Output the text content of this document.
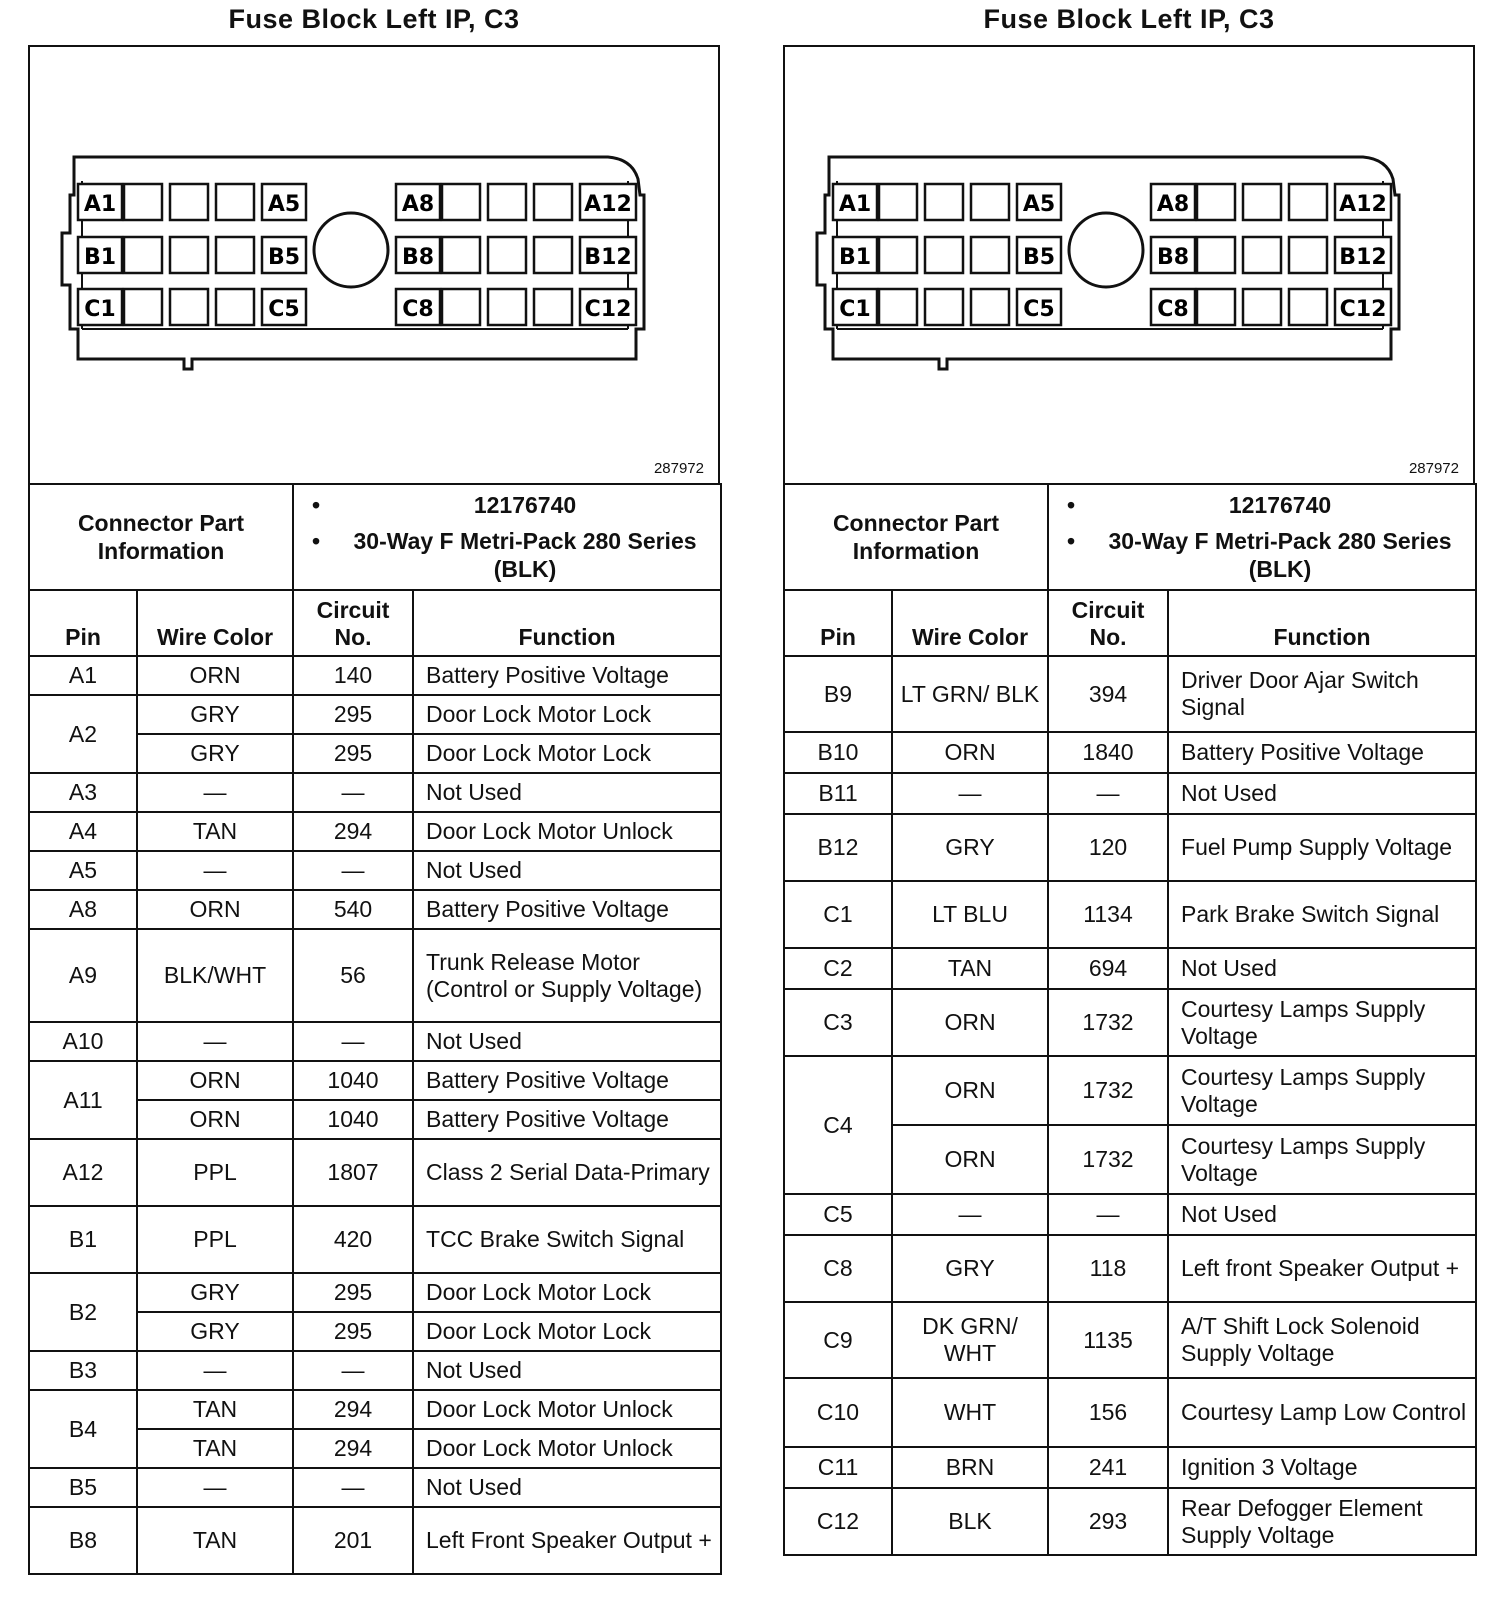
Fuse Block Left IP, C3
A1	A5	A8	A12
B1	B5	B8	B12
C1	C5	C8	C12
287972
Connector Part Information		• 12176740
• 30-Way F Metri-Pack 280 Series (BLK)

Pin	Wire Color	Circuit No.	Function
A1	ORN	140	Battery Positive Voltage
A2	GRY	295	Door Lock Motor Lock
	GRY	295	Door Lock Motor Lock
A3	—	—	Not Used
A4	TAN	294	Door Lock Motor Unlock
A5	—	—	Not Used
A8	ORN	540	Battery Positive Voltage
A9	BLK/WHT	56	Trunk Release Motor (Control or Supply Voltage)
A10	—	—	Not Used
A11	ORN	1040	Battery Positive Voltage
	ORN	1040	Battery Positive Voltage
A12	PPL	1807	Class 2 Serial Data-Primary
B1	PPL	420	TCC Brake Switch Signal
B2	GRY	295	Door Lock Motor Lock
	GRY	295	Door Lock Motor Lock
B3	—	—	Not Used
B4	TAN	294	Door Lock Motor Unlock
	TAN	294	Door Lock Motor Unlock
B5	—	—	Not Used
B8	TAN	201	Left Front Speaker Output +
Fuse Block Left IP, C3
A1	A5	A8	A12
B1	B5	B8	B12
C1	C5	C8	C12
287972
Connector Part Information		• 12176740
• 30-Way F Metri-Pack 280 Series (BLK)

Pin	Wire Color	Circuit No.	Function
B9	LT GRN/ BLK	394	Driver Door Ajar Switch Signal
B10	ORN	1840	Battery Positive Voltage
B11	—	—	Not Used
B12	GRY	120	Fuel Pump Supply Voltage
C1	LT BLU	1134	Park Brake Switch Signal
C2	TAN	694	Not Used
C3	ORN	1732	Courtesy Lamps Supply Voltage
C4	ORN	1732	Courtesy Lamps Supply Voltage
	ORN	1732	Courtesy Lamps Supply Voltage
C5	—	—	Not Used
C8	GRY	118	Left front Speaker Output +
C9	DK GRN/ WHT	1135	A/T Shift Lock Solenoid Supply Voltage
C10	WHT	156	Courtesy Lamp Low Control
C11	BRN	241	Ignition 3 Voltage
C12	BLK	293	Rear Defogger Element Supply Voltage
